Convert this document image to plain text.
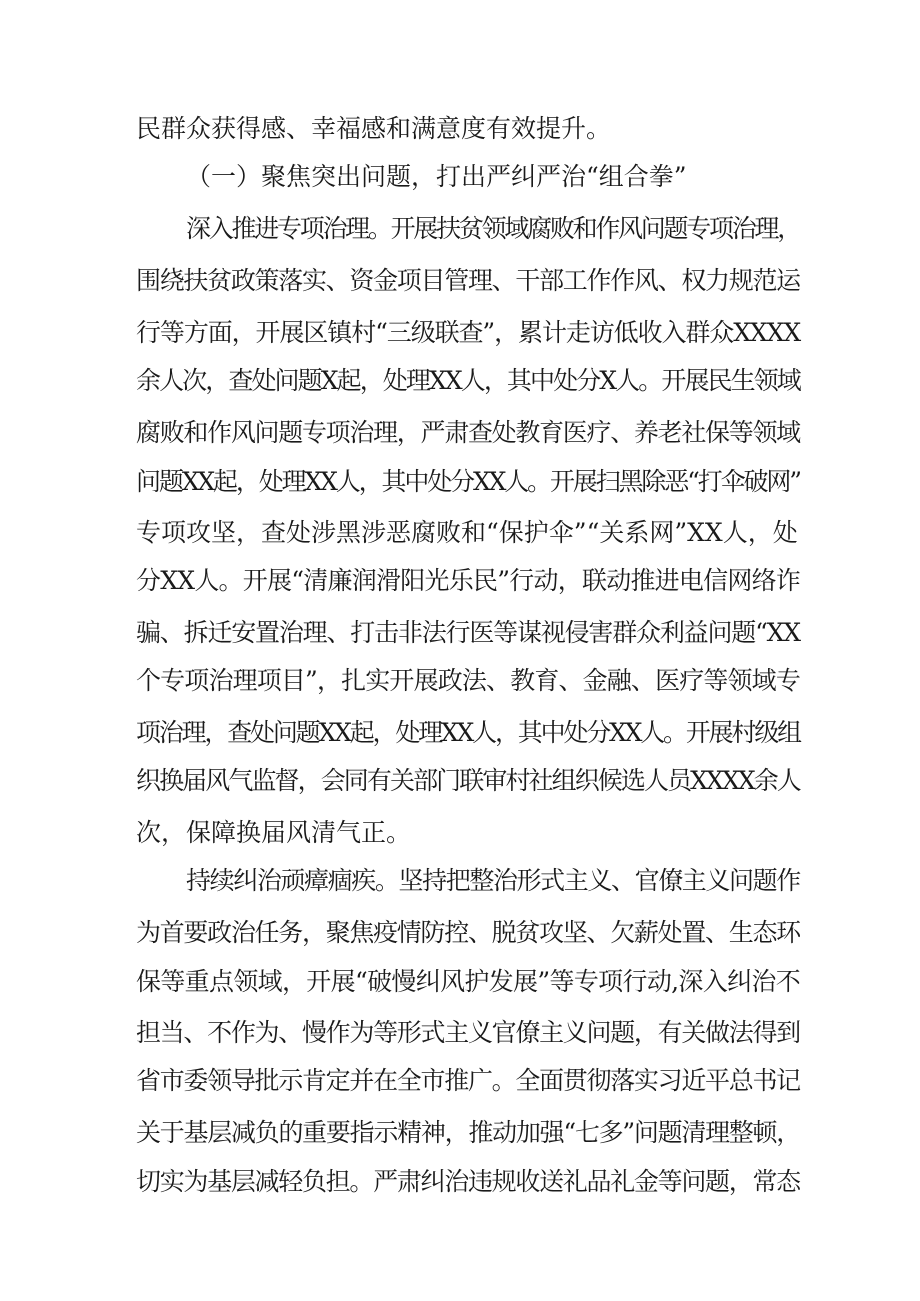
民群众获得感、幸福感和满意度有效提升。
（一）聚焦突出问题，打出严纠严治“组合拳”
深入推进专项治理。开展扶贫领域腐败和作风问题专项治理，
围绕扶贫政策落实、资金项目管理、干部工作作风、权力规范运
行等方面，开展区镇村“三级联查”，累计走访低收入群众XXXX
余人次，查处问题X起，处理XX人，其中处分X人。开展民生领域
腐败和作风问题专项治理，严肃查处教育医疗、养老社保等领域
问题XX起，处理XX人，其中处分XX人。开展扫黑除恶“打伞破网”
专项攻坚，查处涉黑涉恶腐败和“保护伞”“关系网”XX人，处
分XX人。开展“清廉润滑阳光乐民”行动，联动推进电信网络诈
骗、拆迁安置治理、打击非法行医等谋视侵害群众利益问题“XX
个专项治理项目”，扎实开展政法、教育、金融、医疗等领域专
项治理，查处问题XX起，处理XX人，其中处分XX人。开展村级组
织换届风气监督，会同有关部门联审村社组织候选人员XXXX余人
次，保障换届风清气正。
持续纠治顽瘴痼疾。坚持把整治形式主义、官僚主义问题作
为首要政治任务，聚焦疫情防控、脱贫攻坚、欠薪处置、生态环
保等重点领域，开展“破慢纠风护发展”等专项行动,深入纠治不
担当、不作为、慢作为等形式主义官僚主义问题，有关做法得到
省市委领导批示肯定并在全市推广。全面贯彻落实习近平总书记
关于基层减负的重要指示精神，推动加强“七多”问题清理整顿，
切实为基层减轻负担。严肃纠治违规收送礼品礼金等问题，常态
